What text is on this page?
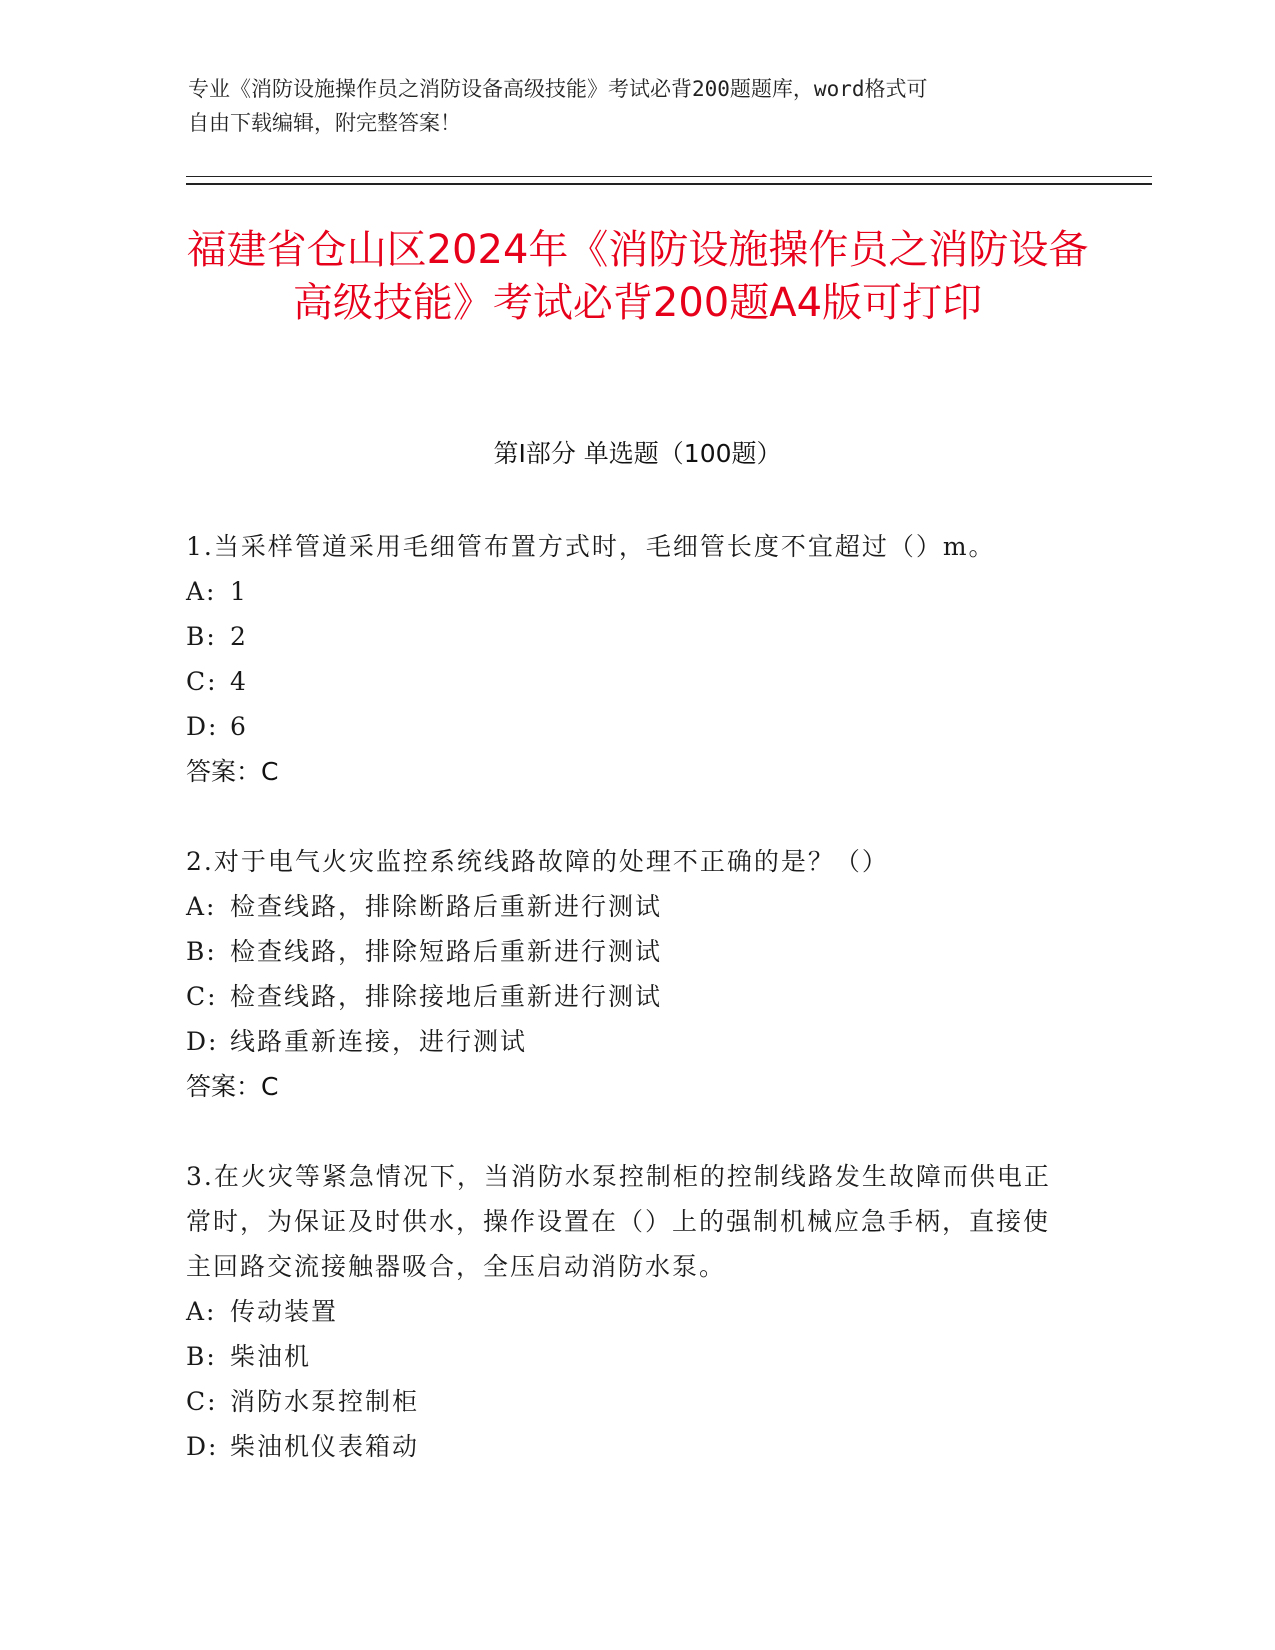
专业《消防设施操作员之消防设备高级技能》考试必背200题题库，word格式可
自由下载编辑，附完整答案！
福建省仓山区2024年《消防设施操作员之消防设备高级技能》考试必背200题A4版可打印
第Ⅰ部分 单选题（100题）

1.当采样管道采用毛细管布置方式时，毛细管长度不宜超过（）m。

A: 1

B: 2

C: 4

D: 6

答案：C

2.对于电气火灾监控系统线路故障的处理不正确的是？（）

A: 检查线路，排除断路后重新进行测试

B: 检查线路，排除短路后重新进行测试

C: 检查线路，排除接地后重新进行测试

D: 线路重新连接，进行测试

答案：C

3.在火灾等紧急情况下，当消防水泵控制柜的控制线路发生故障而供电正常时，为保证及时供水，操作设置在（）上的强制机械应急手柄，直接使主回路交流接触器吸合，全压启动消防水泵。

A: 传动装置

B: 柴油机

C: 消防水泵控制柜

D: 柴油机仪表箱动
